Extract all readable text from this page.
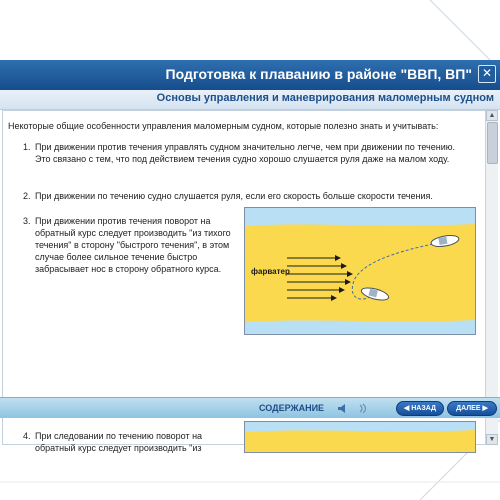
Подготовка к плаванию в районе "ВВП, ВП" ✕
Основы управления и маневрирования маломерным судном
Некоторые общие особенности управления маломерным судном, которые полезно знать и учитывать:
1. При движении против течения управлять судном значительно легче, чем при движении по течению. Это связано с тем, что под действием течения судно хорошо слушается руля даже на малом ходу.
2. При движении по течению судно слушается руля, если его скорость больше скорости течения.
3. При движении против течения поворот на обратный курс следует производить "из тихого течения" в сторону "быстрого течения", в этом случае более сильное течение быстро забрасывает нос в сторону обратного курса.	фарватер
4. При следовании по течению поворот на обратный курс следует производить "из
▲
▼
СОДЕРЖАНИЕ	◀ НАЗАД	ДАЛЕЕ ▶
